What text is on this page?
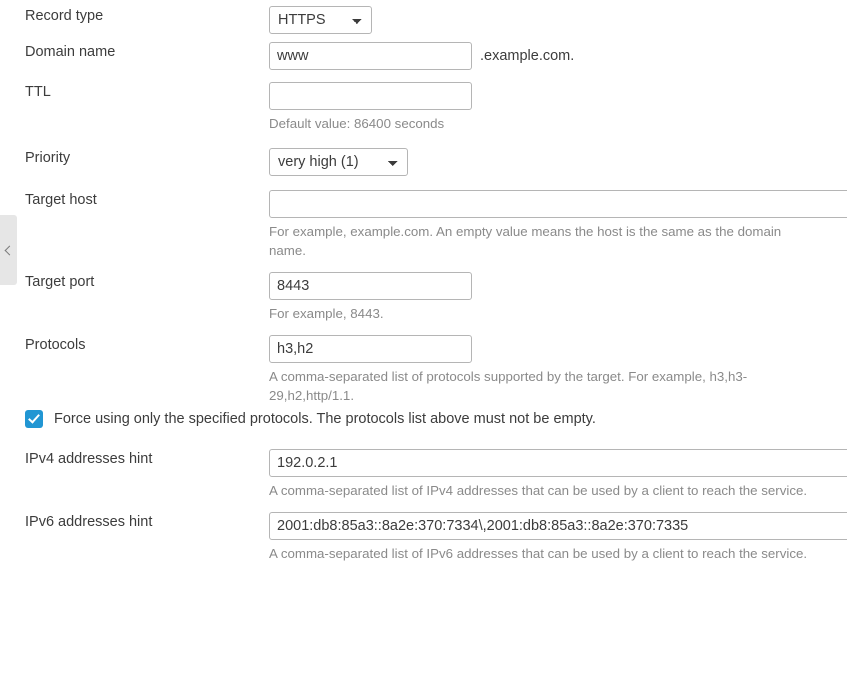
Record type
HTTPS
Domain name
www	.example.com.
TTL
Default value: 86400 seconds
Priority
very high (1)
Target host
For example, example.com. An empty value means the host is the same as the domain name.
Target port
8443
For example, 8443.
Protocols
h3,h2
A comma-separated list of protocols supported by the target. For example, h3,h3-29,h2,http/1.1.
Force using only the specified protocols. The protocols list above must not be empty.
IPv4 addresses hint
192.0.2.1
A comma-separated list of IPv4 addresses that can be used by a client to reach the service.
IPv6 addresses hint
2001:db8:85a3::8a2e:370:7334\,2001:db8:85a3::8a2e:370:7335
A comma-separated list of IPv6 addresses that can be used by a client to reach the service.
